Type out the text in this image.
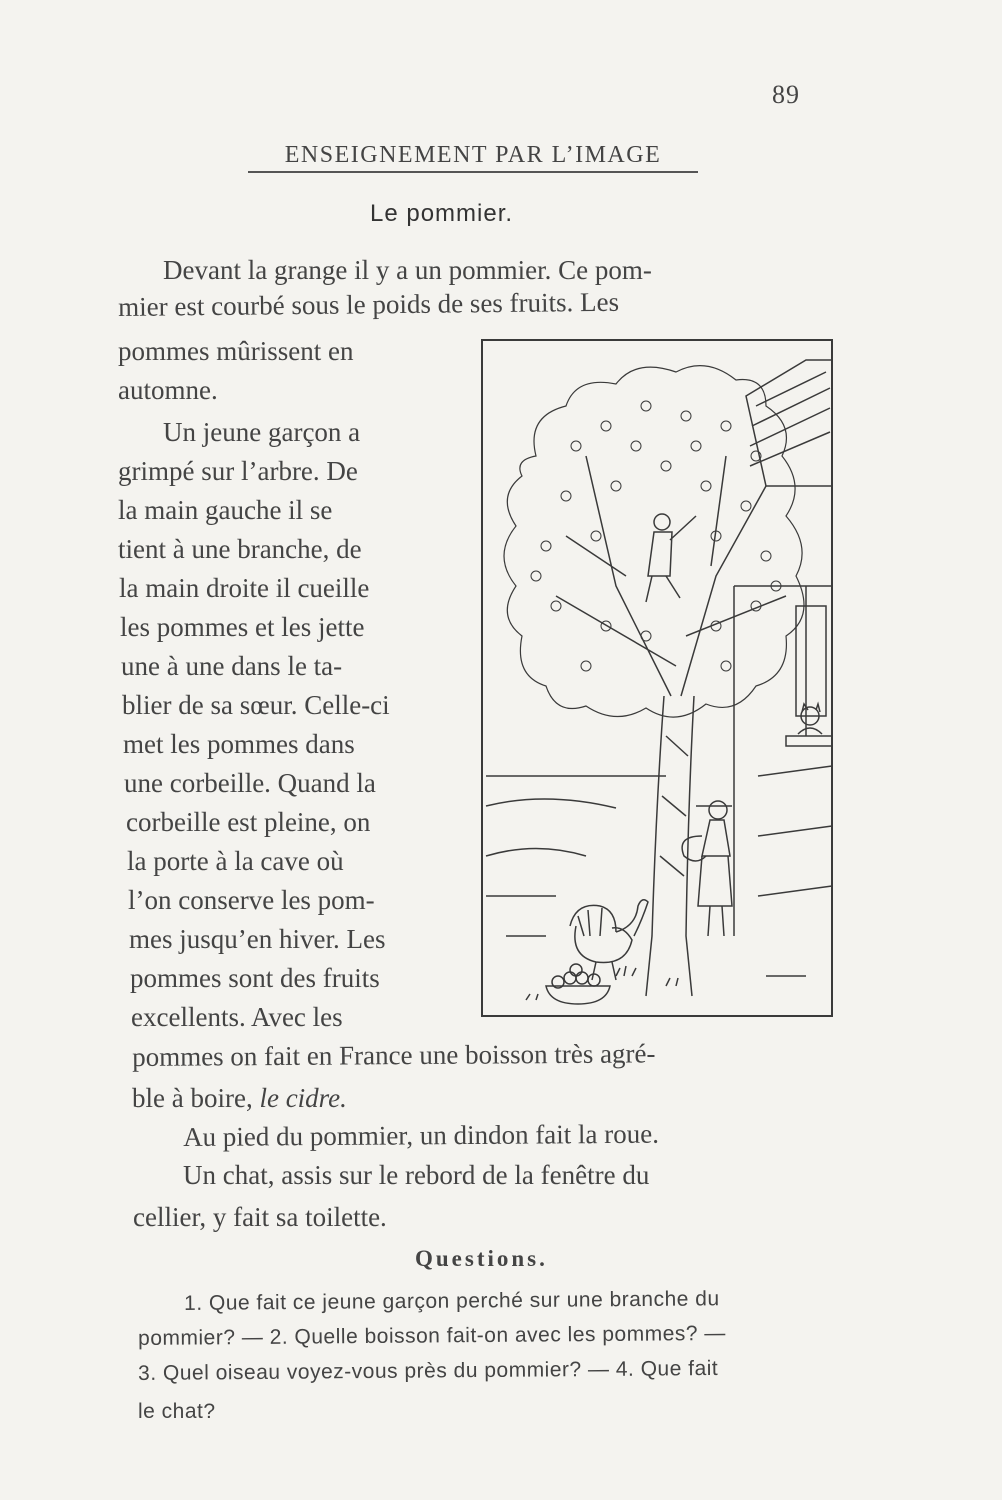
89
ENSEIGNEMENT PAR L’IMAGE
Le pommier.
Devant la grange il y a un pommier. Ce pom-
mier est courbé sous le poids de ses fruits. Les
pommes mûrissent en
automne.
Un jeune garçon a
grimpé sur l’arbre. De
la main gauche il se
tient à une branche, de
la main droite il cueille
les pommes et les jette
une à une dans le ta-
blier de sa sœur. Celle-ci
met les pommes dans
une corbeille. Quand la
corbeille est pleine, on
la porte à la cave où
l’on conserve les pom-
mes jusqu’en hiver. Les
pommes sont des fruits
excellents. Avec les
pommes on fait en France une boisson très agré-
ble à boire, le cidre.
Au pied du pommier, un dindon fait la roue.
Un chat, assis sur le rebord de la fenêtre du
cellier, y fait sa toilette.
Questions.
1. Que fait ce jeune garçon perché sur une branche du
pommier? — 2. Quelle boisson fait-on avec les pommes? —
3. Quel oiseau voyez-vous près du pommier? — 4. Que fait
le chat?
